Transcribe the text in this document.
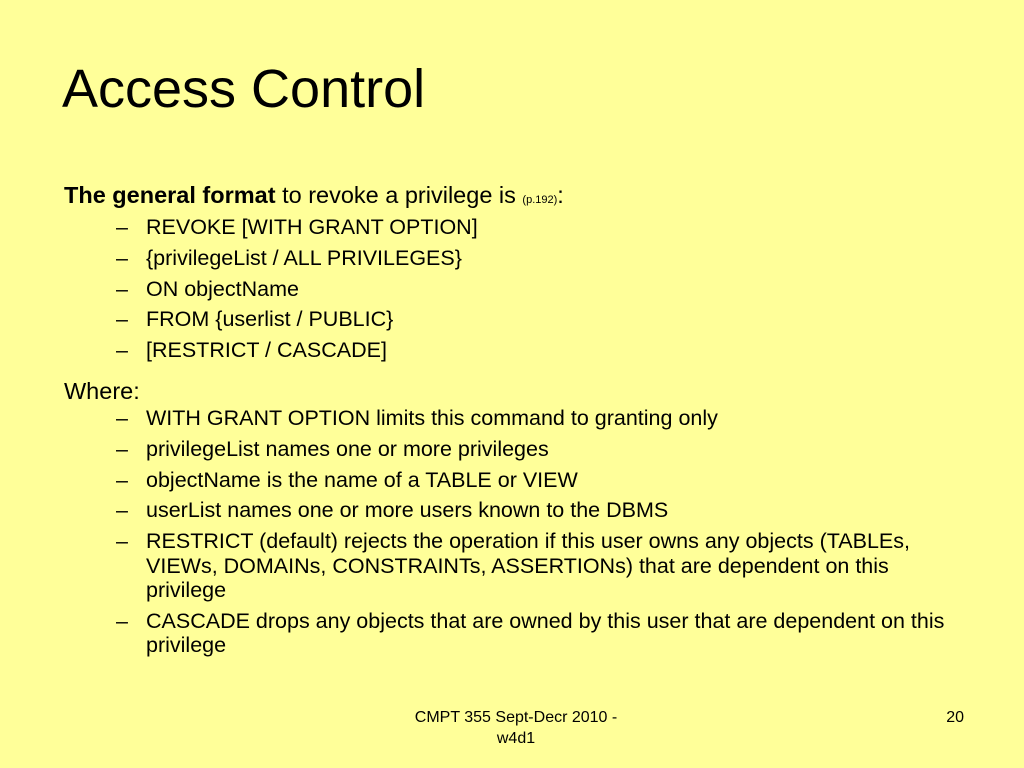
Access Control

The general format to revoke a privilege is (p.192):

– REVOKE [WITH GRANT OPTION]
– {privilegeList / ALL PRIVILEGES}
– ON objectName
– FROM {userlist / PUBLIC}
– [RESTRICT / CASCADE]

Where:

– WITH GRANT OPTION limits this command to granting only
– privilegeList names one or more privileges
– objectName is the name of a TABLE or VIEW
– userList names one or more users known to the DBMS
– RESTRICT (default) rejects the operation if this user owns any objects (TABLEs, VIEWs, DOMAINs, CONSTRAINTs, ASSERTIONs) that are dependent on this privilege
– CASCADE drops any objects that are owned by this user that are dependent on this privilege
CMPT 355 Sept-Decr 2010 -
w4d1
20
